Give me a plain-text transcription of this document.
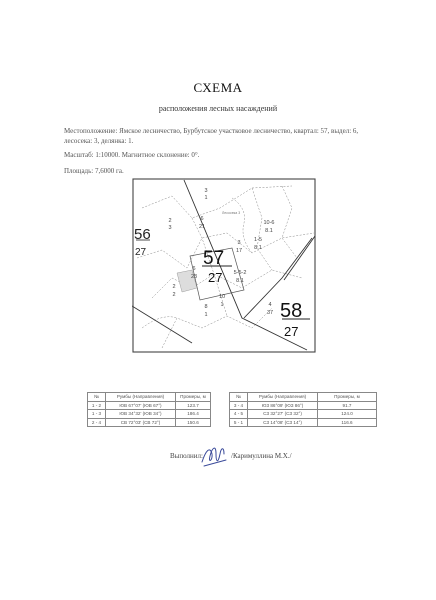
СХЕМА
расположения лесных насаждений
Местоположение: Ямское лесничество, Бурбутское участковое лесничество, квартал: 57, выдел: 6, лесосека: 3, делянка: 1.
Масштаб: 1:10000. Магнитное склонение: 0°.
Площадь: 7,6000 га.
56
27	57
27
58
27
3
1
2
3
6
21
10-6
8.1
1-5
8.1
3
17
6
23
5-5-2
8.1
10
1	4
37
2
2
8
1
Лесосека 3
№	Румбы (Направления)	Промеры, м
1 - 2	ЮВ 67°07' (ЮВ 67°)	123.7
1 - 3	ЮВ 34°32' (ЮВ 34°)	186.4
2 - 4	СВ 72°03' (СВ 72°)	150.6
№	Румбы (Направления)	Промеры, м
3 - 4	ЮЗ 86°09' (ЮЗ 86°)	91.7
4 - 5	СЗ 32°27' (СЗ 32°)	124.0
5 - 1	СЗ 14°08' (СЗ 14°)	116.6
Выполнил:	/Каримуллина М.Х./
